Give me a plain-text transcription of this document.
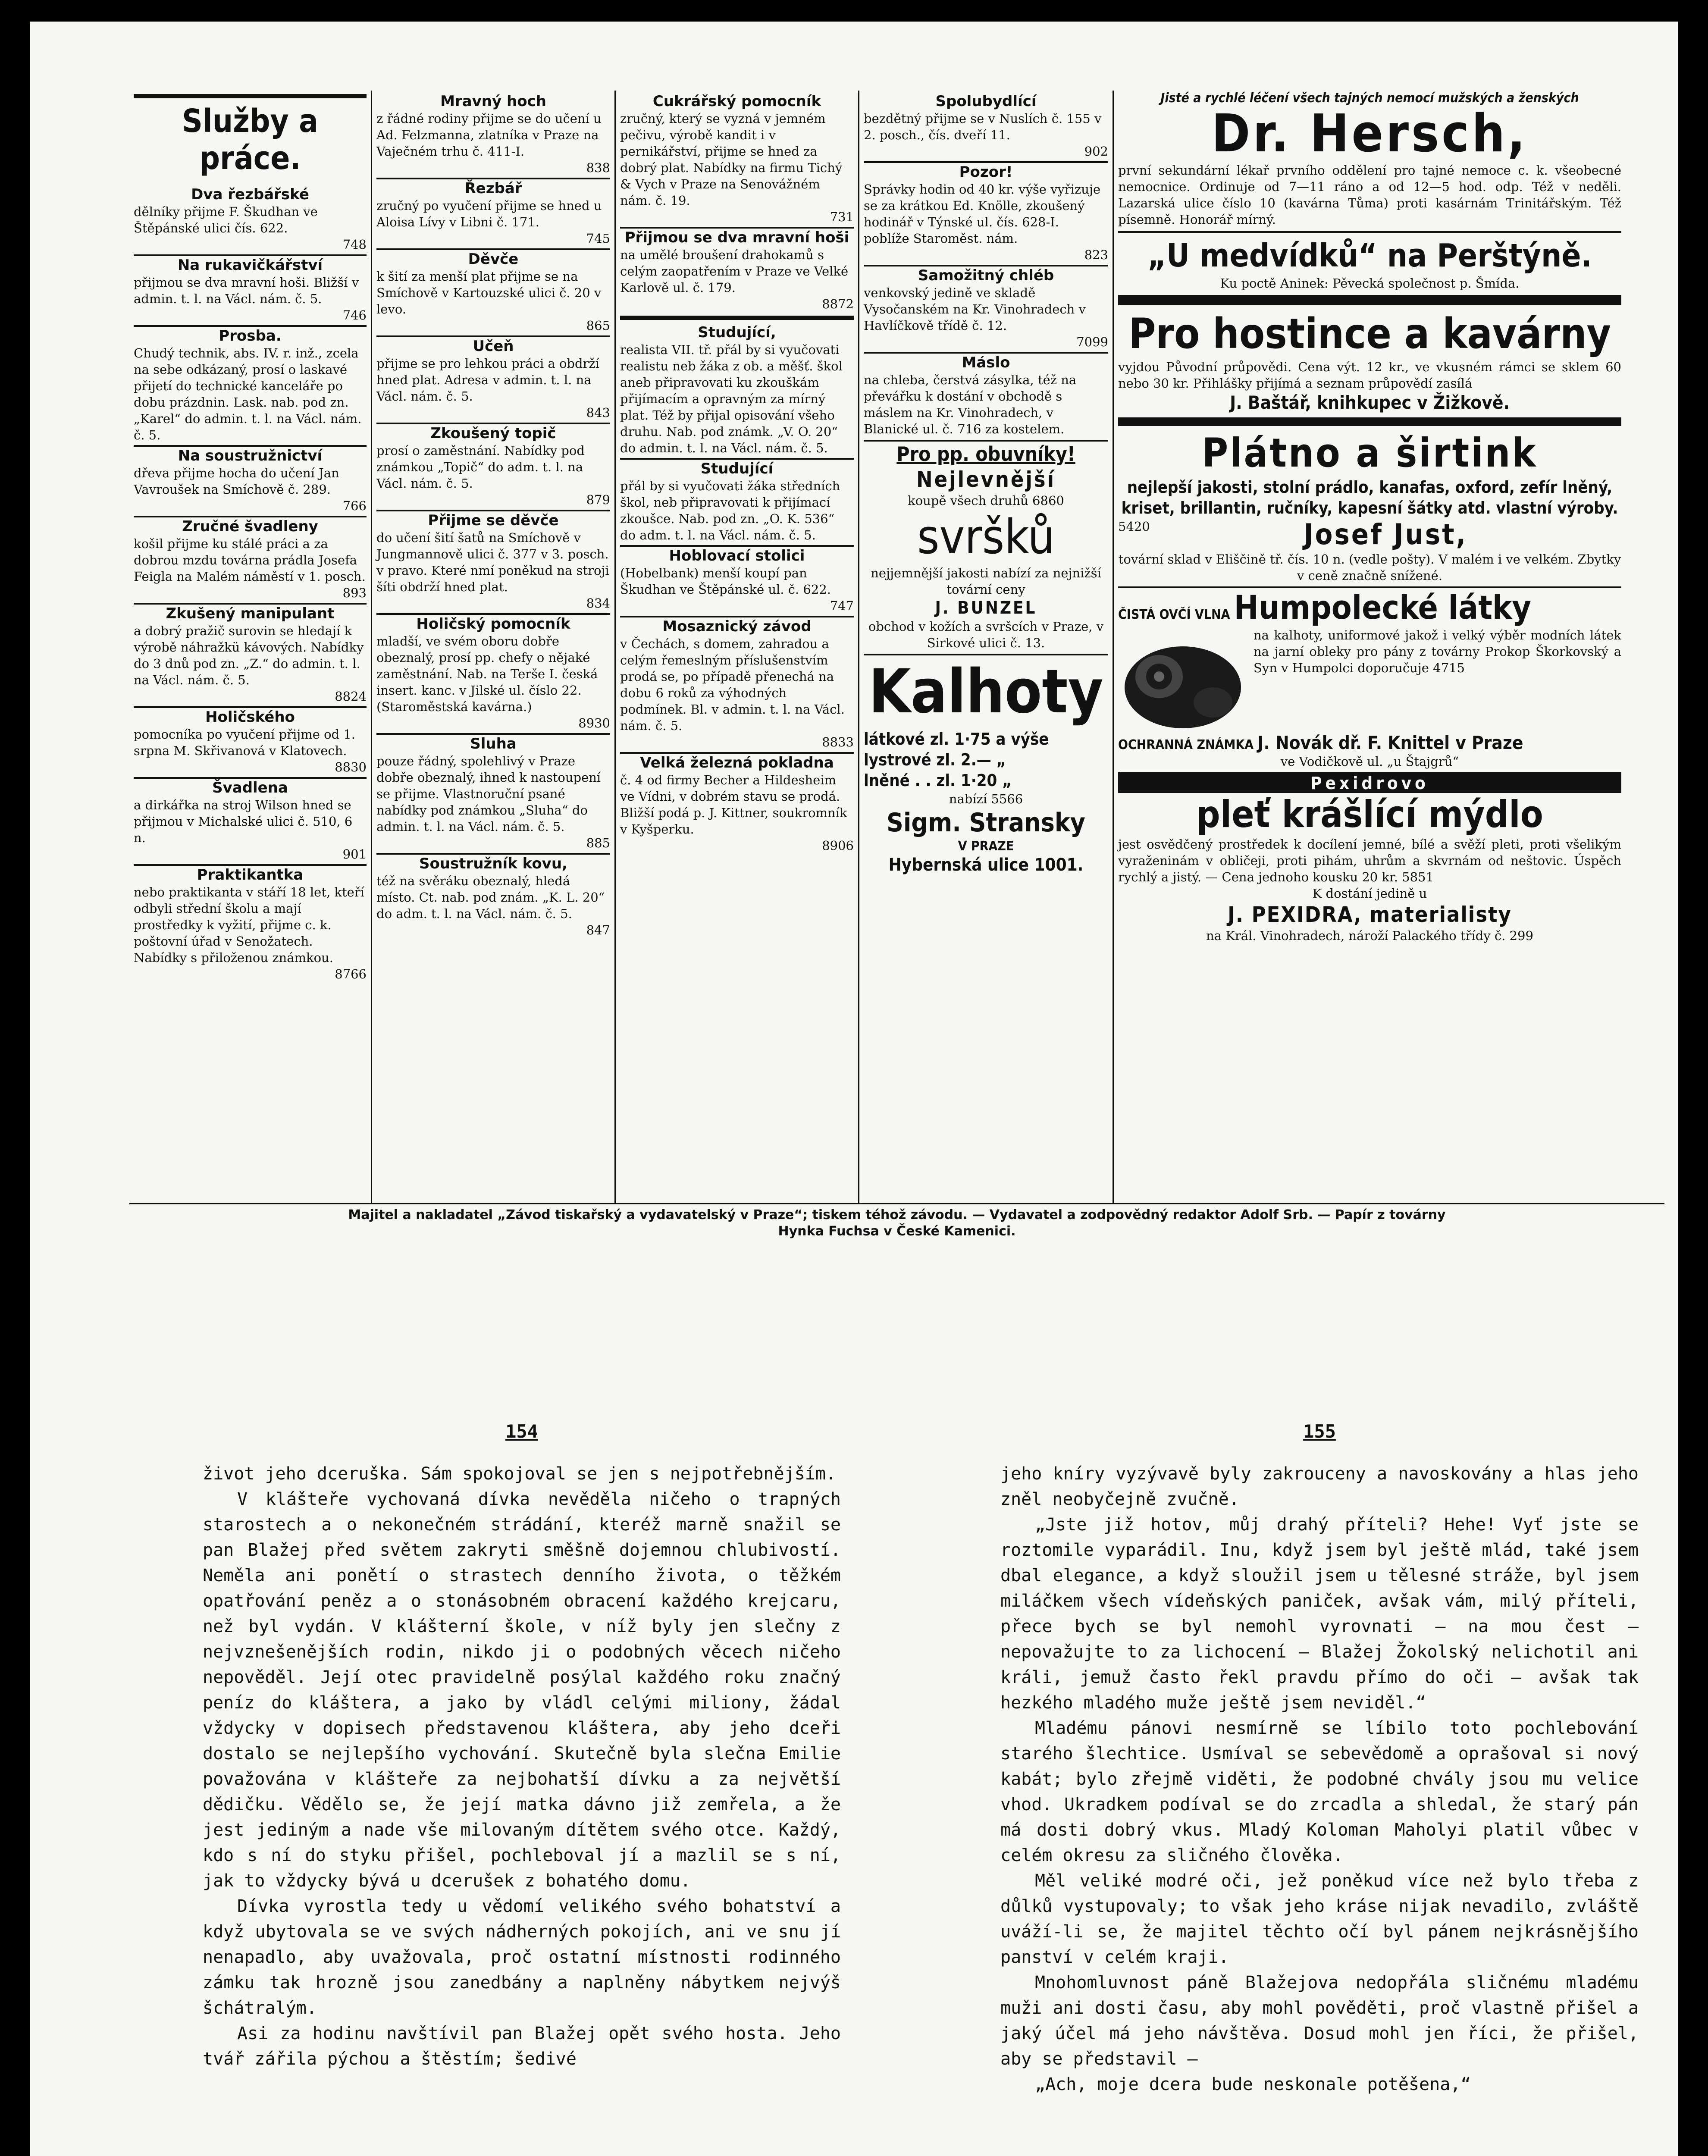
Služby a práce.
Dva řezbářské

dělníky přijme F. Škudhan ve Štěpánské ulici čís. 622.

748

Na rukavičkářství

přijmou se dva mravní hoši. Bližší v admin. t. l. na Václ. nám. č. 5.

746

Prosba.

Chudý technik, abs. IV. r. inž., zcela na sebe odkázaný, prosí o laskavé přijetí do technické kanceláře po dobu prázdnin. Lask. nab. pod zn. „Karel“ do admin. t. l. na Václ. nám. č. 5.

Na soustružnictví

dřeva přijme hocha do učení Jan Vavroušek na Smíchově č. 289.

766

Zručné švadleny

košil přijme ku stálé práci a za dobrou mzdu továrna prádla Josefa Feigla na Malém náměstí v 1. posch.

893

Zkušený manipulant

a dobrý pražič surovin se hledají k výrobě náhražkü kávových. Nabídky do 3 dnů pod zn. „Z.“ do admin. t. l. na Václ. nám. č. 5.

8824

Holičského

pomocníka po vyučení přijme od 1. srpna M. Skřivanová v Klatovech.

8830

Švadlena

a dirkářka na stroj Wilson hned se přijmou v Michalské ulici č. 510, 6 n.

901

Praktikantka

nebo praktikanta v stáří 18 let, kteří odbyli střední školu a mají prostředky k vyžití, přijme c. k. poštovní úřad v Senožatech. Nabídky s přiloženou známkou.

8766

Mravný hoch

z řádné rodiny přijme se do učení u Ad. Felzmanna, zlatníka v Praze na Vaječném trhu č. 411-I.

838

Řezbář

zručný po vyučení přijme se hned u Aloisa Lívy v Libni č. 171.

745

Děvče

k šití za menší plat přijme se na Smíchově v Kartouzské ulici č. 20 v levo.

865

Učeň

přijme se pro lehkou práci a obdrží hned plat. Adresa v admin. t. l. na Václ. nám. č. 5.

843

Zkoušený topič

prosí o zaměstnání. Nabídky pod známkou „Topič“ do adm. t. l. na Václ. nám. č. 5.

879

Přijme se děvče

do učení šití šatů na Smíchově v Jungmannově ulici č. 377 v 3. posch. v pravo. Které nmí poněkud na stroji šíti obdrží hned plat.

834

Holičský pomocník

mladší, ve svém oboru dobře obeznalý, prosí pp. chefy o nějaké zaměstnání. Nab. na Terše I. česká insert. kanc. v Jilské ul. číslo 22. (Staroměstská kavárna.)

8930

Sluha

pouze řádný, spolehlivý v Praze dobře obeznalý, ihned k nastoupení se přijme. Vlastnoruční psané nabídky pod známkou „Sluha“ do admin. t. l. na Václ. nám. č. 5.

885

Soustružník kovu,

též na svěráku obeznalý, hledá místo. Ct. nab. pod znám. „K. L. 20“ do adm. t. l. na Václ. nám. č. 5.

847

Cukrářský pomocník

zručný, který se vyzná v jemném pečivu, výrobě kandit i v pernikářství, přijme se hned za dobrý plat. Nabídky na firmu Tichý & Vych v Praze na Senovážném nám. č. 19.

731

Přijmou se dva mravní hoši

na umělé broušení drahokamů s celým zaopatřením v Praze ve Velké Karlově ul. č. 179.

8872

Studující,

realista VII. tř. přál by si vyučovati realistu neb žáka z ob. a měšť. škol aneb připravovati ku zkouškám přijímacím a opravným za mírný plat. Též by přijal opisování všeho druhu. Nab. pod známk. „V. O. 20“ do admin. t. l. na Václ. nám. č. 5.

Studující

přál by si vyučovati žáka středních škol, neb připravovati k přijímací zkoušce. Nab. pod zn. „O. K. 536“ do adm. t. l. na Václ. nám. č. 5.

Hoblovací stolici

(Hobelbank) menší koupí pan Škudhan ve Štěpánské ul. č. 622.

747

Mosaznický závod

v Čechách, s domem, zahradou a celým řemeslným příslušenstvím prodá se, po případě přenechá na dobu 6 roků za výhodných podmínek. Bl. v admin. t. l. na Václ. nám. č. 5.

8833

Velká železná pokladna

č. 4 od firmy Becher a Hildesheim ve Vídni, v dobrém stavu se prodá. Bližší podá p. J. Kittner, soukromník v Kyšperku.

8906

Spolubydlící

bezdětný přijme se v Nuslích č. 155 v 2. posch., čís. dveří 11.

902

Pozor!

Správky hodin od 40 kr. výše vyřizuje se za krátkou Ed. Knölle, zkoušený hodinář v Týnské ul. čís. 628-I. poblíže Staroměst. nám.

823

Samožitný chléb

venkovský jedině ve skladě Vysočanském na Kr. Vinohradech v Havlíčkově třídě č. 12.

7099

Máslo

na chleba, čerstvá zásylka, též na převářku k dostání v obchodě s máslem na Kr. Vinohradech, v Blanické ul. č. 716 za kostelem.

Pro pp. obuvníky!
Nejlevnější
koupě všech druhů 6860
svršků

nejjemnější jakosti nabízí za nejnižší tovární ceny

J. BUNZEL

obchod v kožích a svršcích v Praze, v Sirkové ulici č. 13.

Kalhoty

látkové zl. 1·75 a výše

lystrové zl. 2.— „

lněné . . zl. 1·20 „

nabízí 5566

Sigm. Stransky
V PRAZE
Hybernská ulice 1001.
Jisté a rychlé léčení všech tajných nemocí mužských a ženských
Dr. Hersch,

první sekundární lékař prvního oddělení pro tajné nemoce c. k. všeobecné nemocnice. Ordinuje od 7—11 ráno a od 12—5 hod. odp. Též v neděli. Lazarská ulice číslo 10 (kavárna Tůma) proti kasárnám Trinitářským. Též písemně. Honorář mírný.

„U medvídků“ na Perštýně.

Ku poctě Aninek: Pěvecká společnost p. Šmída.

Pro hostince a kavárny

vyjdou Původní průpovědi. Cena výt. 12 kr., ve vkusném rámci se sklem 60 nebo 30 kr. Přihlášky přijímá a seznam průpovědí zasílá

J. Baštář, knihkupec v Žižkově.
Plátno a širtink

nejlepší jakosti, stolní prádlo, kanafas, oxford, zefír lněný, kriset, brillantin, ručníky, kapesní šátky atd. vlastní výroby.

5420	Josef Just,

tovární sklad v Eliščině tř. čís. 10 n. (vedle pošty). V malém i ve velkém. Zbytky v ceně značně snížené.

ČISTÁ OVČÍ VLNA Humpolecké látky

na kalhoty, uniformové jakož i velký výběr modních látek na jarní obleky pro pány z továrny Prokop Škorkovský a Syn v Humpolci doporučuje 4715

OCHRANNÁ ZNÁMKA J. Novák dř. F. Knittel v Praze

ve Vodičkově ul. „u Štajgrů“

Pexidrovo
pleť krášlící mýdlo

jest osvědčený prostředek k docílení jemné, bílé a svěží pleti, proti všelikým vyraženinám v obličeji, proti pihám, uhrům a skvrnám od neštovic. Úspěch rychlý a jistý. — Cena jednoho kousku 20 kr. 5851

K dostání jedině u

J. PEXIDRA, materialisty

na Král. Vinohradech, nároží Palackého třídy č. 299

Majitel a nakladatel „Závod tiskařský a vydavatelský v Praze“; tiskem téhož závodu. — Vydavatel a zodpovědný redaktor Adolf Srb. — Papír z továrny
Hynka Fuchsa v České Kamenici.
154

život jeho dceruška. Sám spokojoval se jen s nejpotřebnějším.

V klášteře vychovaná dívka nevěděla ničeho o trapných starostech a o nekonečném strádání, kteréž marně snažil se pan Blažej před světem zakryti směšně dojemnou chlubivostí. Neměla ani ponětí o strastech denního života, o těžkém opatřování peněz a o stonásobném obracení každého krejcaru, než byl vydán. V klášterní škole, v níž byly jen slečny z nejvznešenějších rodin, nikdo ji o podobných věcech ničeho nepověděl. Její otec pravidelně posýlal každého roku značný peníz do kláštera, a jako by vládl celými miliony, žádal vždycky v dopisech představenou kláštera, aby jeho dceři dostalo se nejlepšího vychování. Skutečně byla slečna Emilie považována v klášteře za nejbohatší dívku a za největší dědičku. Vědělo se, že její matka dávno již zemřela, a že jest jediným a nade vše milovaným dítětem svého otce. Každý, kdo s ní do styku přišel, pochleboval jí a mazlil se s ní, jak to vždycky bývá u dcerušek z bohatého domu.

Dívka vyrostla tedy u vědomí velikého svého bohatství a když ubytovala se ve svých nádherných pokojích, ani ve snu jí nenapadlo, aby uvažovala, proč ostatní místnosti rodinného zámku tak hrozně jsou zanedbány a naplněny nábytkem nejvýš šchátralým.

Asi za hodinu navštívil pan Blažej opět svého hosta. Jeho tvář zářila pýchou a štěstím; šedivé

155

jeho kníry vyzývavě byly zakrouceny a navoskovány a hlas jeho zněl neobyčejně zvučně.

„Jste již hotov, můj drahý příteli? Hehe! Vyť jste se roztomile vyparádil. Inu, když jsem byl ještě mlád, také jsem dbal elegance, a když sloužil jsem u tělesné stráže, byl jsem miláčkem všech vídeňských paniček, avšak vám, milý příteli, přece bych se byl nemohl vyrovnati — na mou čest — nepovažujte to za lichocení — Blažej Žokolský nelichotil ani králi, jemuž často řekl pravdu přímo do oči — avšak tak hezkého mladého muže ještě jsem neviděl.“

Mladému pánovi nesmírně se líbilo toto pochlebování starého šlechtice. Usmíval se sebevědomě a oprašoval si nový kabát; bylo zřejmě viděti, že podobné chvály jsou mu velice vhod. Ukradkem podíval se do zrcadla a shledal, že starý pán má dosti dobrý vkus. Mladý Koloman Maholyi platil vůbec v celém okresu za sličného člověka.

Měl veliké modré oči, jež poněkud více než bylo třeba z důlků vystupovaly; to však jeho kráse nijak nevadilo, zvláště uváží-li se, že majitel těchto očí byl pánem nejkrásnějšího panství v celém kraji.

Mnohomluvnost páně Blažejova nedopřála sličnému mladému muži ani dosti času, aby mohl pověděti, proč vlastně přišel a jaký účel má jeho návštěva. Dosud mohl jen říci, že přišel, aby se představil —

„Ach, moje dcera bude neskonale potěšena,“
